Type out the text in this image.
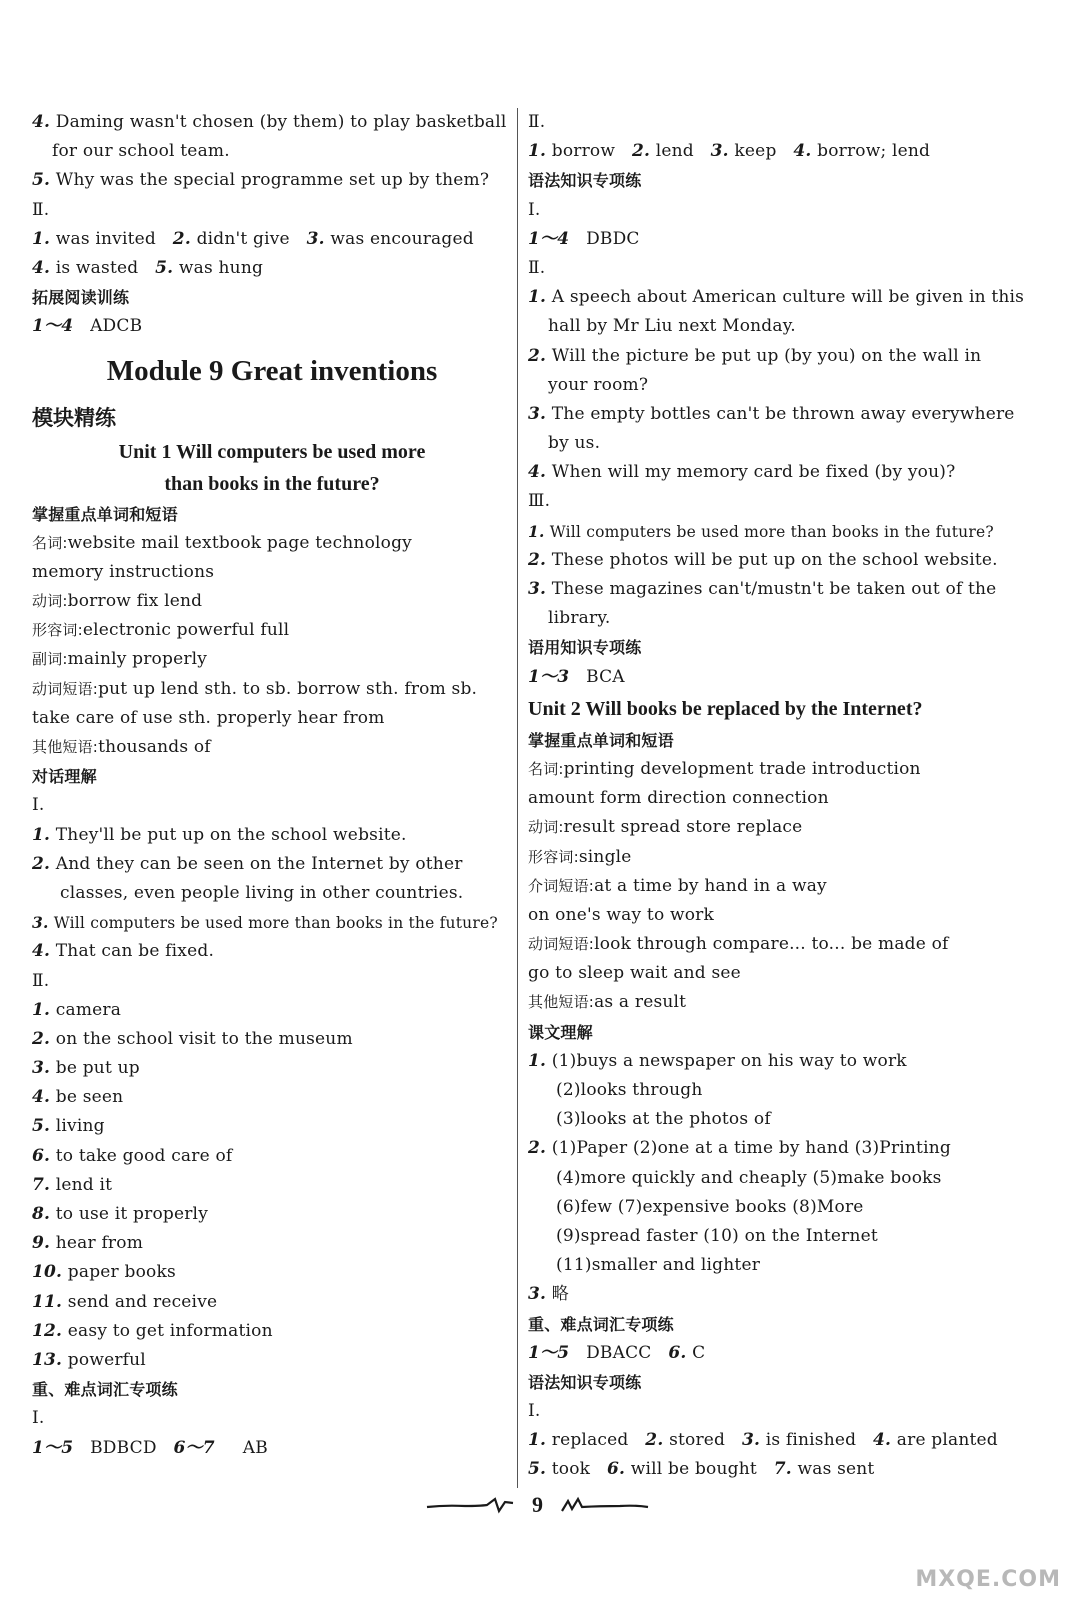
4. Daming wasn't chosen (by them) to play basketball
for our school team.
5. Why was the special programme set up by them?
Ⅱ.
1. was invited 2. didn't give 3. was encouraged
4. is wasted 5. was hung
拓展阅读训练
1～4 ADCB
Module 9 Great inventions
模块精练
Unit 1 Will computers be used more
than books in the future?
掌握重点单词和短语
名词:website mail textbook page technology
memory instructions
动词:borrow fix lend
形容词:electronic powerful full
副词:mainly properly
动词短语:put up lend sth. to sb. borrow sth. from sb.
take care of use sth. properly hear from
其他短语:thousands of
对话理解
Ⅰ.
1. They'll be put up on the school website.
2. And they can be seen on the Internet by other
classes, even people living in other countries.
3. Will computers be used more than books in the future?
4. That can be fixed.
Ⅱ.
1. camera
2. on the school visit to the museum
3. be put up
4. be seen
5. living
6. to take good care of
7. lend it
8. to use it properly
9. hear from
10. paper books
11. send and receive
12. easy to get information
13. powerful
重、难点词汇专项练
Ⅰ.
1～5 BDBCD 6～7 AB
Ⅱ.
1. borrow 2. lend 3. keep 4. borrow; lend
语法知识专项练
Ⅰ.
1～4 DBDC
Ⅱ.
1. A speech about American culture will be given in this
hall by Mr Liu next Monday.
2. Will the picture be put up (by you) on the wall in
your room?
3. The empty bottles can't be thrown away everywhere
by us.
4. When will my memory card be fixed (by you)?
Ⅲ.
1. Will computers be used more than books in the future?
2. These photos will be put up on the school website.
3. These magazines can't/mustn't be taken out of the
library.
语用知识专项练
1～3 BCA
Unit 2 Will books be replaced by the Internet?
掌握重点单词和短语
名词:printing development trade introduction
amount form direction connection
动词:result spread store replace
形容词:single
介词短语:at a time by hand in a way
on one's way to work
动词短语:look through compare... to... be made of
go to sleep wait and see
其他短语:as a result
课文理解
1. (1)buys a newspaper on his way to work
(2)looks through
(3)looks at the photos of
2. (1)Paper (2)one at a time by hand (3)Printing
(4)more quickly and cheaply (5)make books
(6)few (7)expensive books (8)More
(9)spread faster (10) on the Internet
(11)smaller and lighter
3. 略
重、难点词汇专项练
1～5 DBACC 6. C
语法知识专项练
Ⅰ.
1. replaced 2. stored 3. is finished 4. are planted
5. took 6. will be bought 7. was sent
9
MXQE.COM
